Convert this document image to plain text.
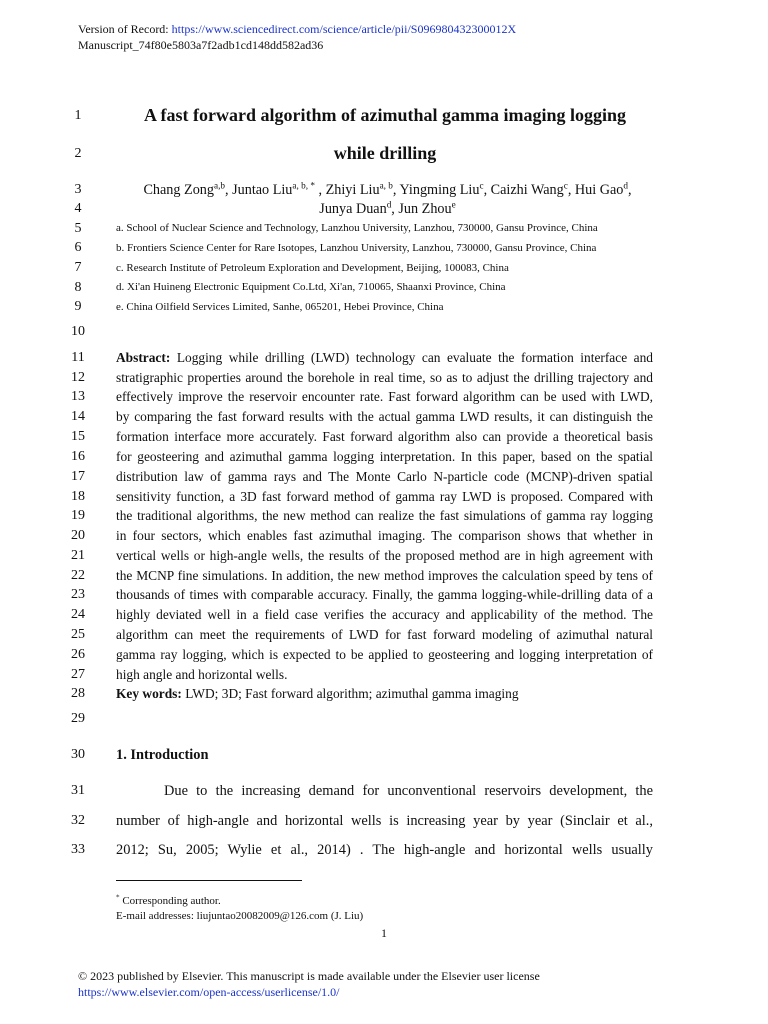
Version of Record: https://www.sciencedirect.com/science/article/pii/S096980432300012X
Manuscript_74f80e5803a7f2adb1cd148dd582ad36
1
2
3
4
5
6
7
8
9
10
11
12
13
14
15
16
17
18
19
20
21
22
23
24
25
26
27
28
29
30
31
32
33
A fast forward algorithm of azimuthal gamma imaging logging
while drilling
Chang Zong$^{a,b}$, Juntao Liu$^{a, b, *}$ , Zhiyi Liu$^{a, b}$, Yingming Liu$^c$, Caizhi Wang$^c$, Hui Gao$^d$,
Junya Duan$^d$, Jun Zhou$^e$
a. School of Nuclear Science and Technology, Lanzhou University, Lanzhou, 730000, Gansu Province, China
b. Frontiers Science Center for Rare Isotopes, Lanzhou University, Lanzhou, 730000, Gansu Province, China
c. Research Institute of Petroleum Exploration and Development, Beijing, 100083, China
d. Xi'an Huineng Electronic Equipment Co.Ltd, Xi'an, 710065, Shaanxi Province, China
e. China Oilfield Services Limited, Sanhe, 065201, Hebei Province, China
Abstract: Logging while drilling (LWD) technology can evaluate the formation interface and
stratigraphic properties around the borehole in real time, so as to adjust the drilling trajectory and
effectively improve the reservoir encounter rate. Fast forward algorithm can be used with LWD,
by comparing the fast forward results with the actual gamma LWD results, it can distinguish the
formation interface more accurately. Fast forward algorithm also can provide a theoretical basis
for geosteering and azimuthal gamma logging interpretation. In this paper, based on the spatial
distribution law of gamma rays and The Monte Carlo N-particle code (MCNP)-driven spatial
sensitivity function, a 3D fast forward method of gamma ray LWD is proposed. Compared with
the traditional algorithms, the new method can realize the fast simulations of gamma ray logging
in four sectors, which enables fast azimuthal imaging. The comparison shows that whether in
vertical wells or high-angle wells, the results of the proposed method are in high agreement with
the MCNP fine simulations. In addition, the new method improves the calculation speed by tens of
thousands of times with comparable accuracy. Finally, the gamma logging-while-drilling data of a
highly deviated well in a field case verifies the accuracy and applicability of the method. The
algorithm can meet the requirements of LWD for fast forward modeling of azimuthal natural
gamma ray logging, which is expected to be applied to geosteering and logging interpretation of
high angle and horizontal wells.
Key words: LWD; 3D; Fast forward algorithm; azimuthal gamma imaging
1. Introduction
Due to the increasing demand for unconventional reservoirs development, the
number of high-angle and horizontal wells is increasing year by year (Sinclair et al.,
2012; Su, 2005; Wylie et al., 2014) . The high-angle and horizontal wells usually
* Corresponding author.
E-mail addresses: liujuntao20082009@126.com (J. Liu)
1
© 2023 published by Elsevier. This manuscript is made available under the Elsevier user license
https://www.elsevier.com/open-access/userlicense/1.0/
